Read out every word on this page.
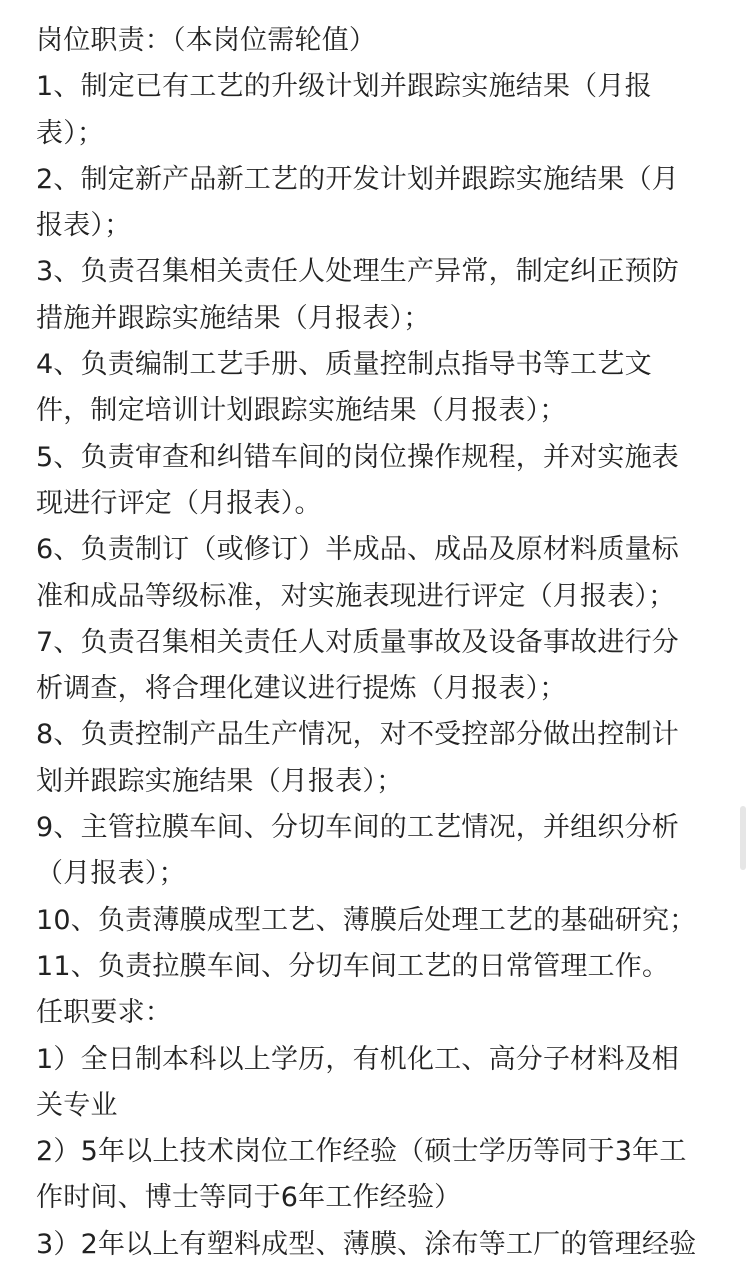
岗位职责：（本岗位需轮值）
1、制定已有工艺的升级计划并跟踪实施结果（月报
表）；
2、制定新产品新工艺的开发计划并跟踪实施结果（月
报表）；
3、负责召集相关责任人处理生产异常，制定纠正预防
措施并跟踪实施结果（月报表）；
4、负责编制工艺手册、质量控制点指导书等工艺文
件，制定培训计划跟踪实施结果（月报表）；
5、负责审查和纠错车间的岗位操作规程，并对实施表
现进行评定（月报表）。
6、负责制订（或修订）半成品、成品及原材料质量标
准和成品等级标准，对实施表现进行评定（月报表）；
7、负责召集相关责任人对质量事故及设备事故进行分
析调查，将合理化建议进行提炼（月报表）；
8、负责控制产品生产情况，对不受控部分做出控制计
划并跟踪实施结果（月报表）；
9、主管拉膜车间、分切车间的工艺情况，并组织分析
（月报表）；
10、负责薄膜成型工艺、薄膜后处理工艺的基础研究；
11、负责拉膜车间、分切车间工艺的日常管理工作。
任职要求：
1）全日制本科以上学历，有机化工、高分子材料及相
关专业
2）5年以上技术岗位工作经验（硕士学历等同于3年工
作时间、博士等同于6年工作经验）
3）2年以上有塑料成型、薄膜、涂布等工厂的管理经验
